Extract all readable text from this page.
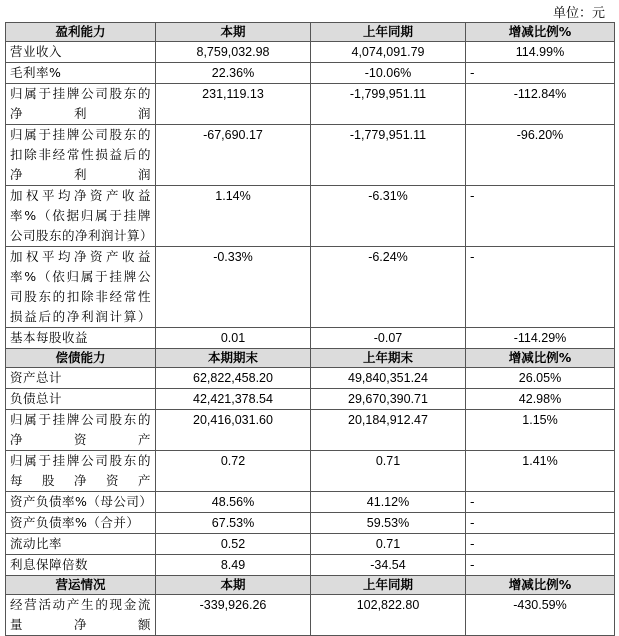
单位：元
盈利能力	本期	上年同期	增减比例%
营业收入	8,759,032.98	4,074,091.79	114.99%
毛利率%	22.36%	-10.06%	-
归属于挂牌公司股东的净利润	231,119.13	-1,799,951.11	-112.84%
归属于挂牌公司股东的扣除非经常性损益后的净利润	-67,690.17	-1,779,951.11	-96.20%
加权平均净资产收益率%（依据归属于挂牌公司股东的净利润计算）	1.14%	-6.31%	-
加权平均净资产收益率%（依归属于挂牌公司股东的扣除非经常性损益后的净利润计算）	-0.33%	-6.24%	-
基本每股收益	0.01	-0.07	-114.29%
偿债能力	本期期末	上年期末	增减比例%
资产总计	62,822,458.20	49,840,351.24	26.05%
负债总计	42,421,378.54	29,670,390.71	42.98%
归属于挂牌公司股东的净资产	20,416,031.60	20,184,912.47	1.15%
归属于挂牌公司股东的每股净资产	0.72	0.71	1.41%
资产负债率%（母公司）	48.56%	41.12%	-
资产负债率%（合并）	67.53%	59.53%	-
流动比率	0.52	0.71	-
利息保障倍数	8.49	-34.54	-
营运情况	本期	上年同期	增减比例%
经营活动产生的现金流量净额	-339,926.26	102,822.80	-430.59%
